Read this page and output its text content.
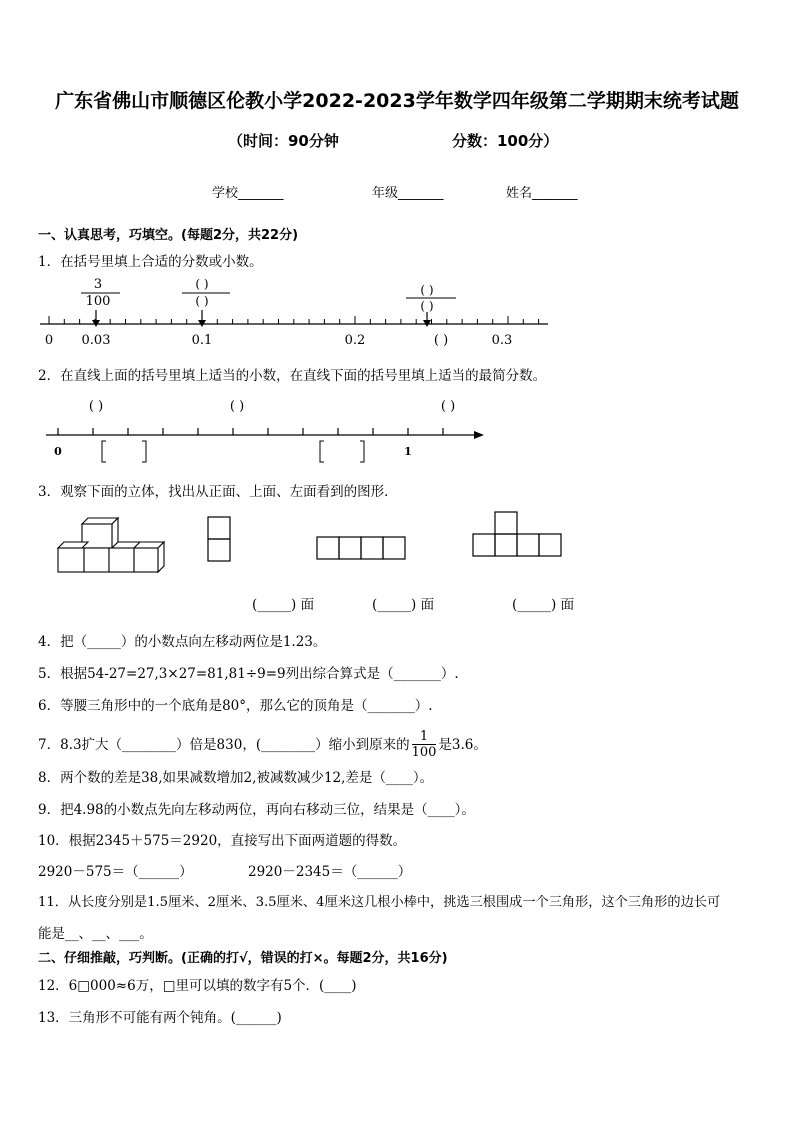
广东省佛山市顺德区伦教小学2022-2023学年数学四年级第二学期期末统考试题
（时间：90分钟	分数：100分）
学校_______	年级_______	姓名_______
一、认真思考，巧填空。(每题2分，共22分)
1．在括号里填上合适的分数或小数。
3
100
( )
( )
( )
( )
0 0.03	0.1	0.2	( )	0.3
2．在直线上面的括号里填上适当的小数，在直线下面的括号里填上适当的最简分数。
( )	( )	( )
0	1
3．观察下面的立体，找出从正面、上面、左面看到的图形．
(_____) 面	(_____) 面	(_____) 面
4．把（_____）的小数点向左移动两位是1.23。
5．根据54-27=27,3×27=81,81÷9=9列出综合算式是（_______）.
6．等腰三角形中的一个底角是80°，那么它的顶角是（_______）.
7．8.3扩大（________）倍是830，(________）缩小到原来的 $\frac{1}{100}$ 是3.6。
8．两个数的差是38,如果减数增加2,被减数减少12,差是（____）。
9．把4.98的小数点先向左移动两位，再向右移动三位，结果是（____）。
10．根据2345＋575＝2920，直接写出下面两道题的得数。
2920－575＝（______）	2920－2345＝（______）
11．从长度分别是1.5厘米、2厘米、3.5厘米、4厘米这几根小棒中，挑选三根围成一个三角形，这个三角形的边长可
能是__、__、___。
二、仔细推敲，巧判断。(正确的打√，错误的打×。每题2分，共16分)
12．6□000≈6万，□里可以填的数字有5个．(____)
13．三角形不可能有两个钝角。(______)
